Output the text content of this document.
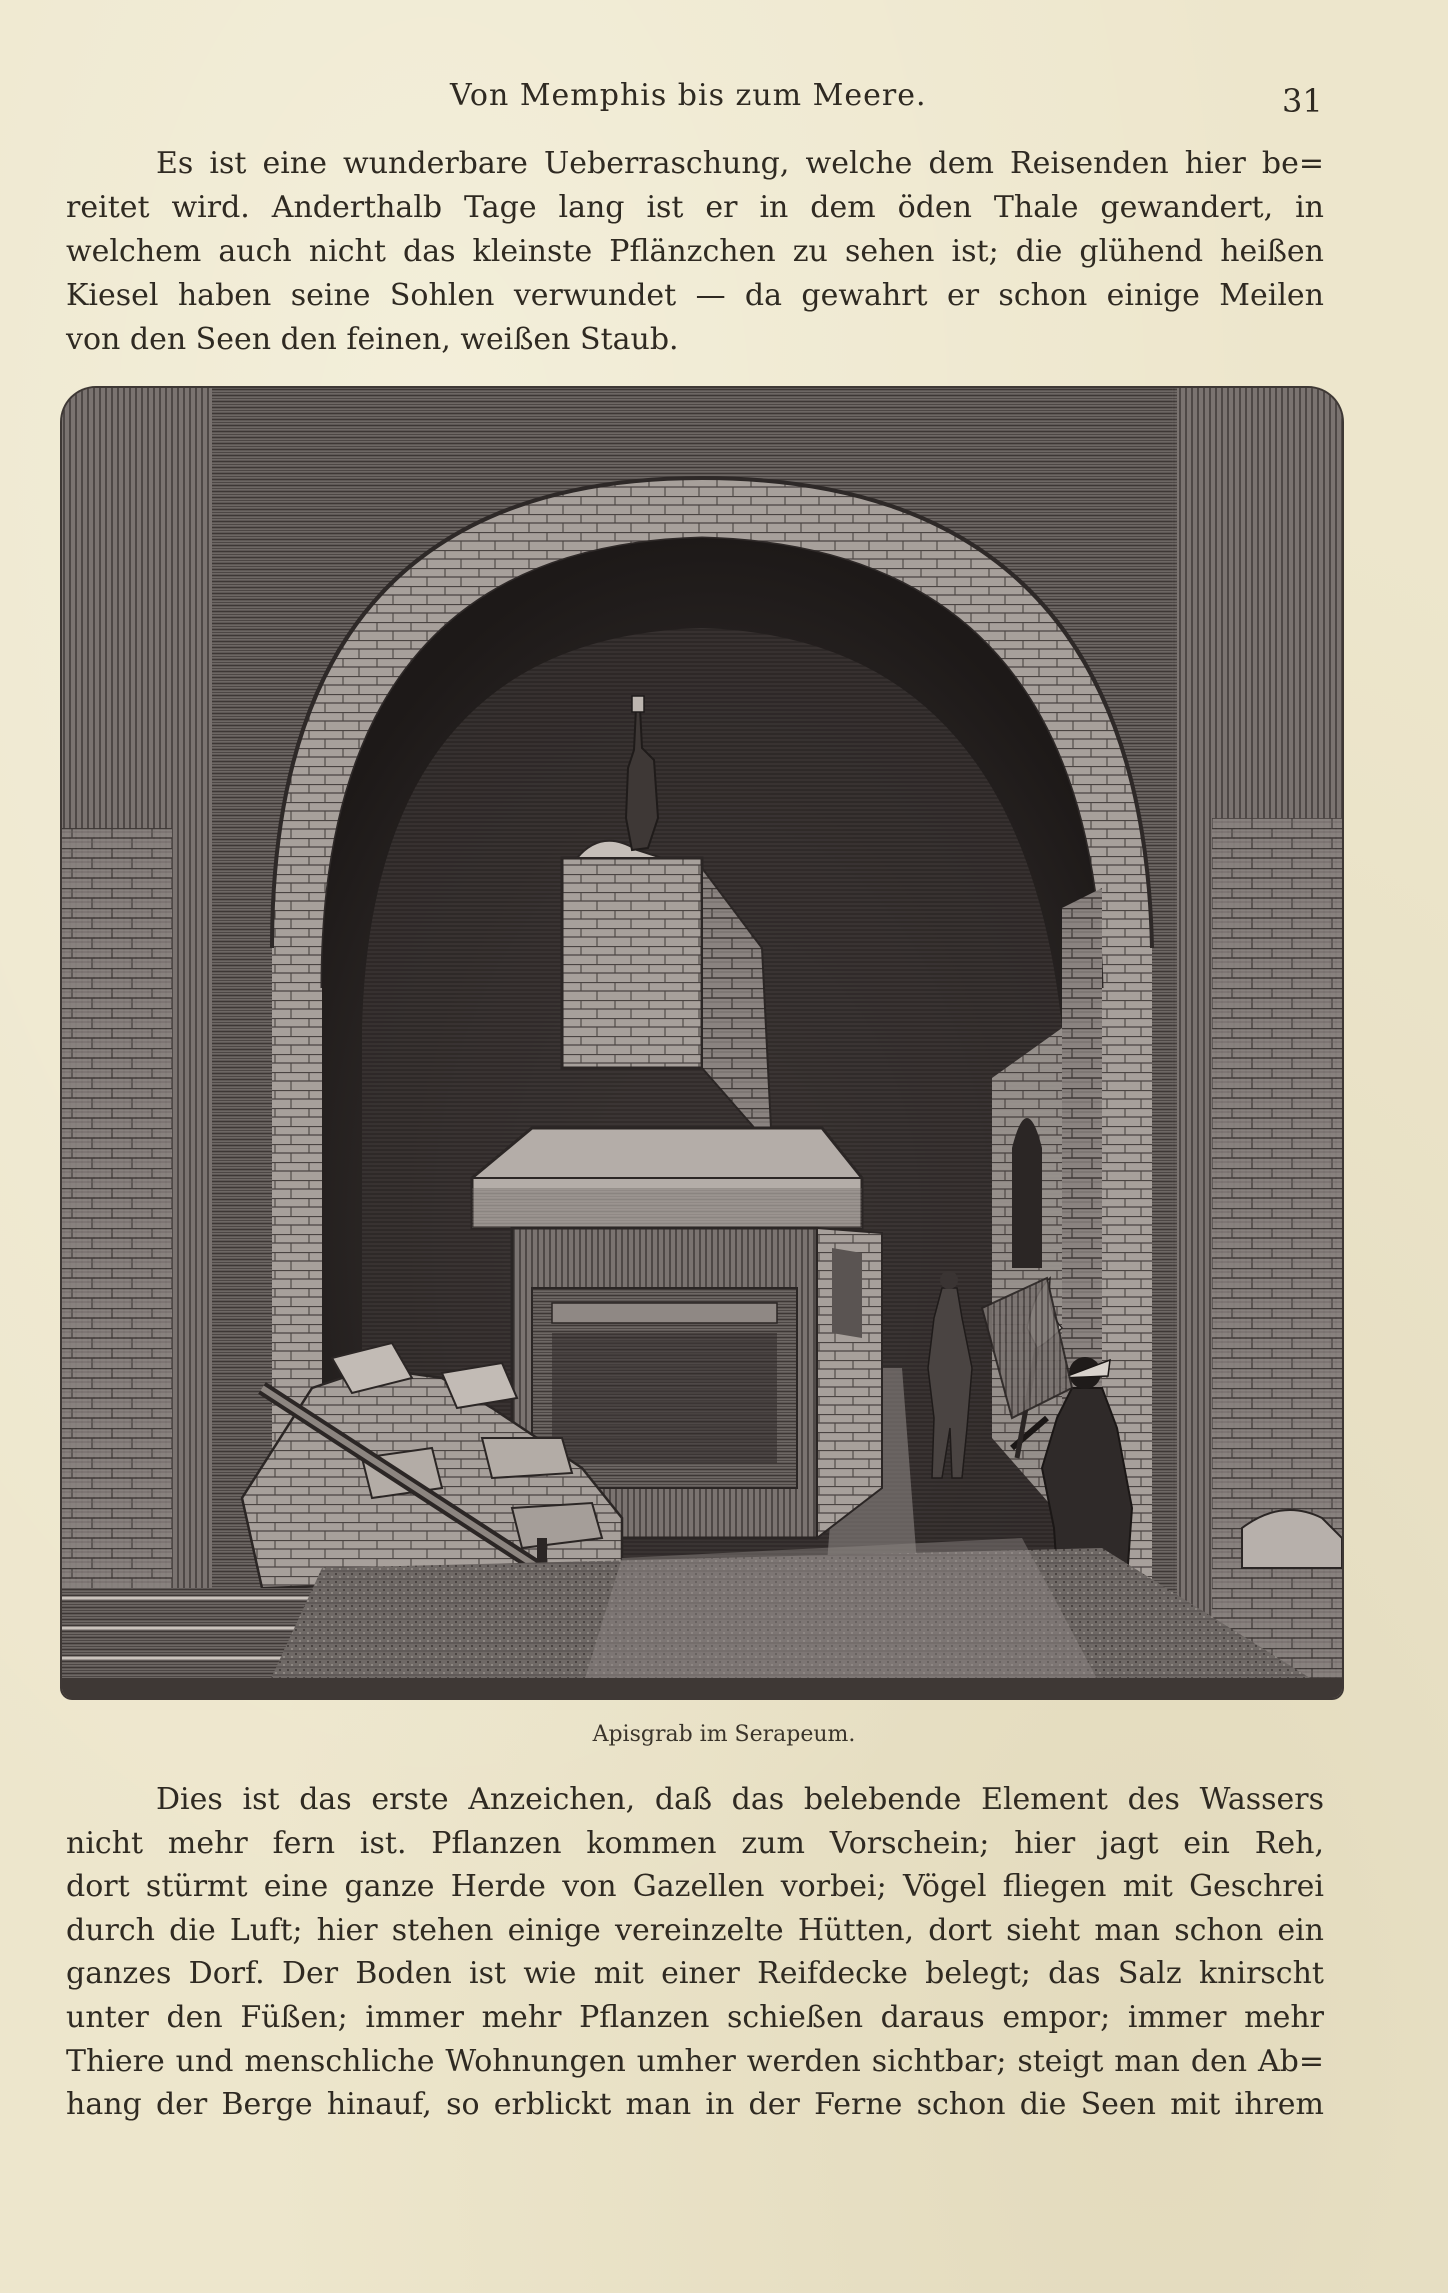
Von Memphis bis zum Meere.	31
Es ist eine wunderbare Ueberraschung, welche dem Reisenden hier be=
reitet wird. Anderthalb Tage lang ist er in dem öden Thale gewandert, in
welchem auch nicht das kleinste Pflänzchen zu sehen ist; die glühend heißen
Kiesel haben seine Sohlen verwundet — da gewahrt er schon einige Meilen
von den Seen den feinen, weißen Staub.
Apisgrab im Serapeum.
Dies ist das erste Anzeichen, daß das belebende Element des Wassers
nicht mehr fern ist. Pflanzen kommen zum Vorschein; hier jagt ein Reh,
dort stürmt eine ganze Herde von Gazellen vorbei; Vögel fliegen mit Geschrei
durch die Luft; hier stehen einige vereinzelte Hütten, dort sieht man schon ein
ganzes Dorf. Der Boden ist wie mit einer Reifdecke belegt; das Salz knirscht
unter den Füßen; immer mehr Pflanzen schießen daraus empor; immer mehr
Thiere und menschliche Wohnungen umher werden sichtbar; steigt man den Ab=
hang der Berge hinauf, so erblickt man in der Ferne schon die Seen mit ihrem
